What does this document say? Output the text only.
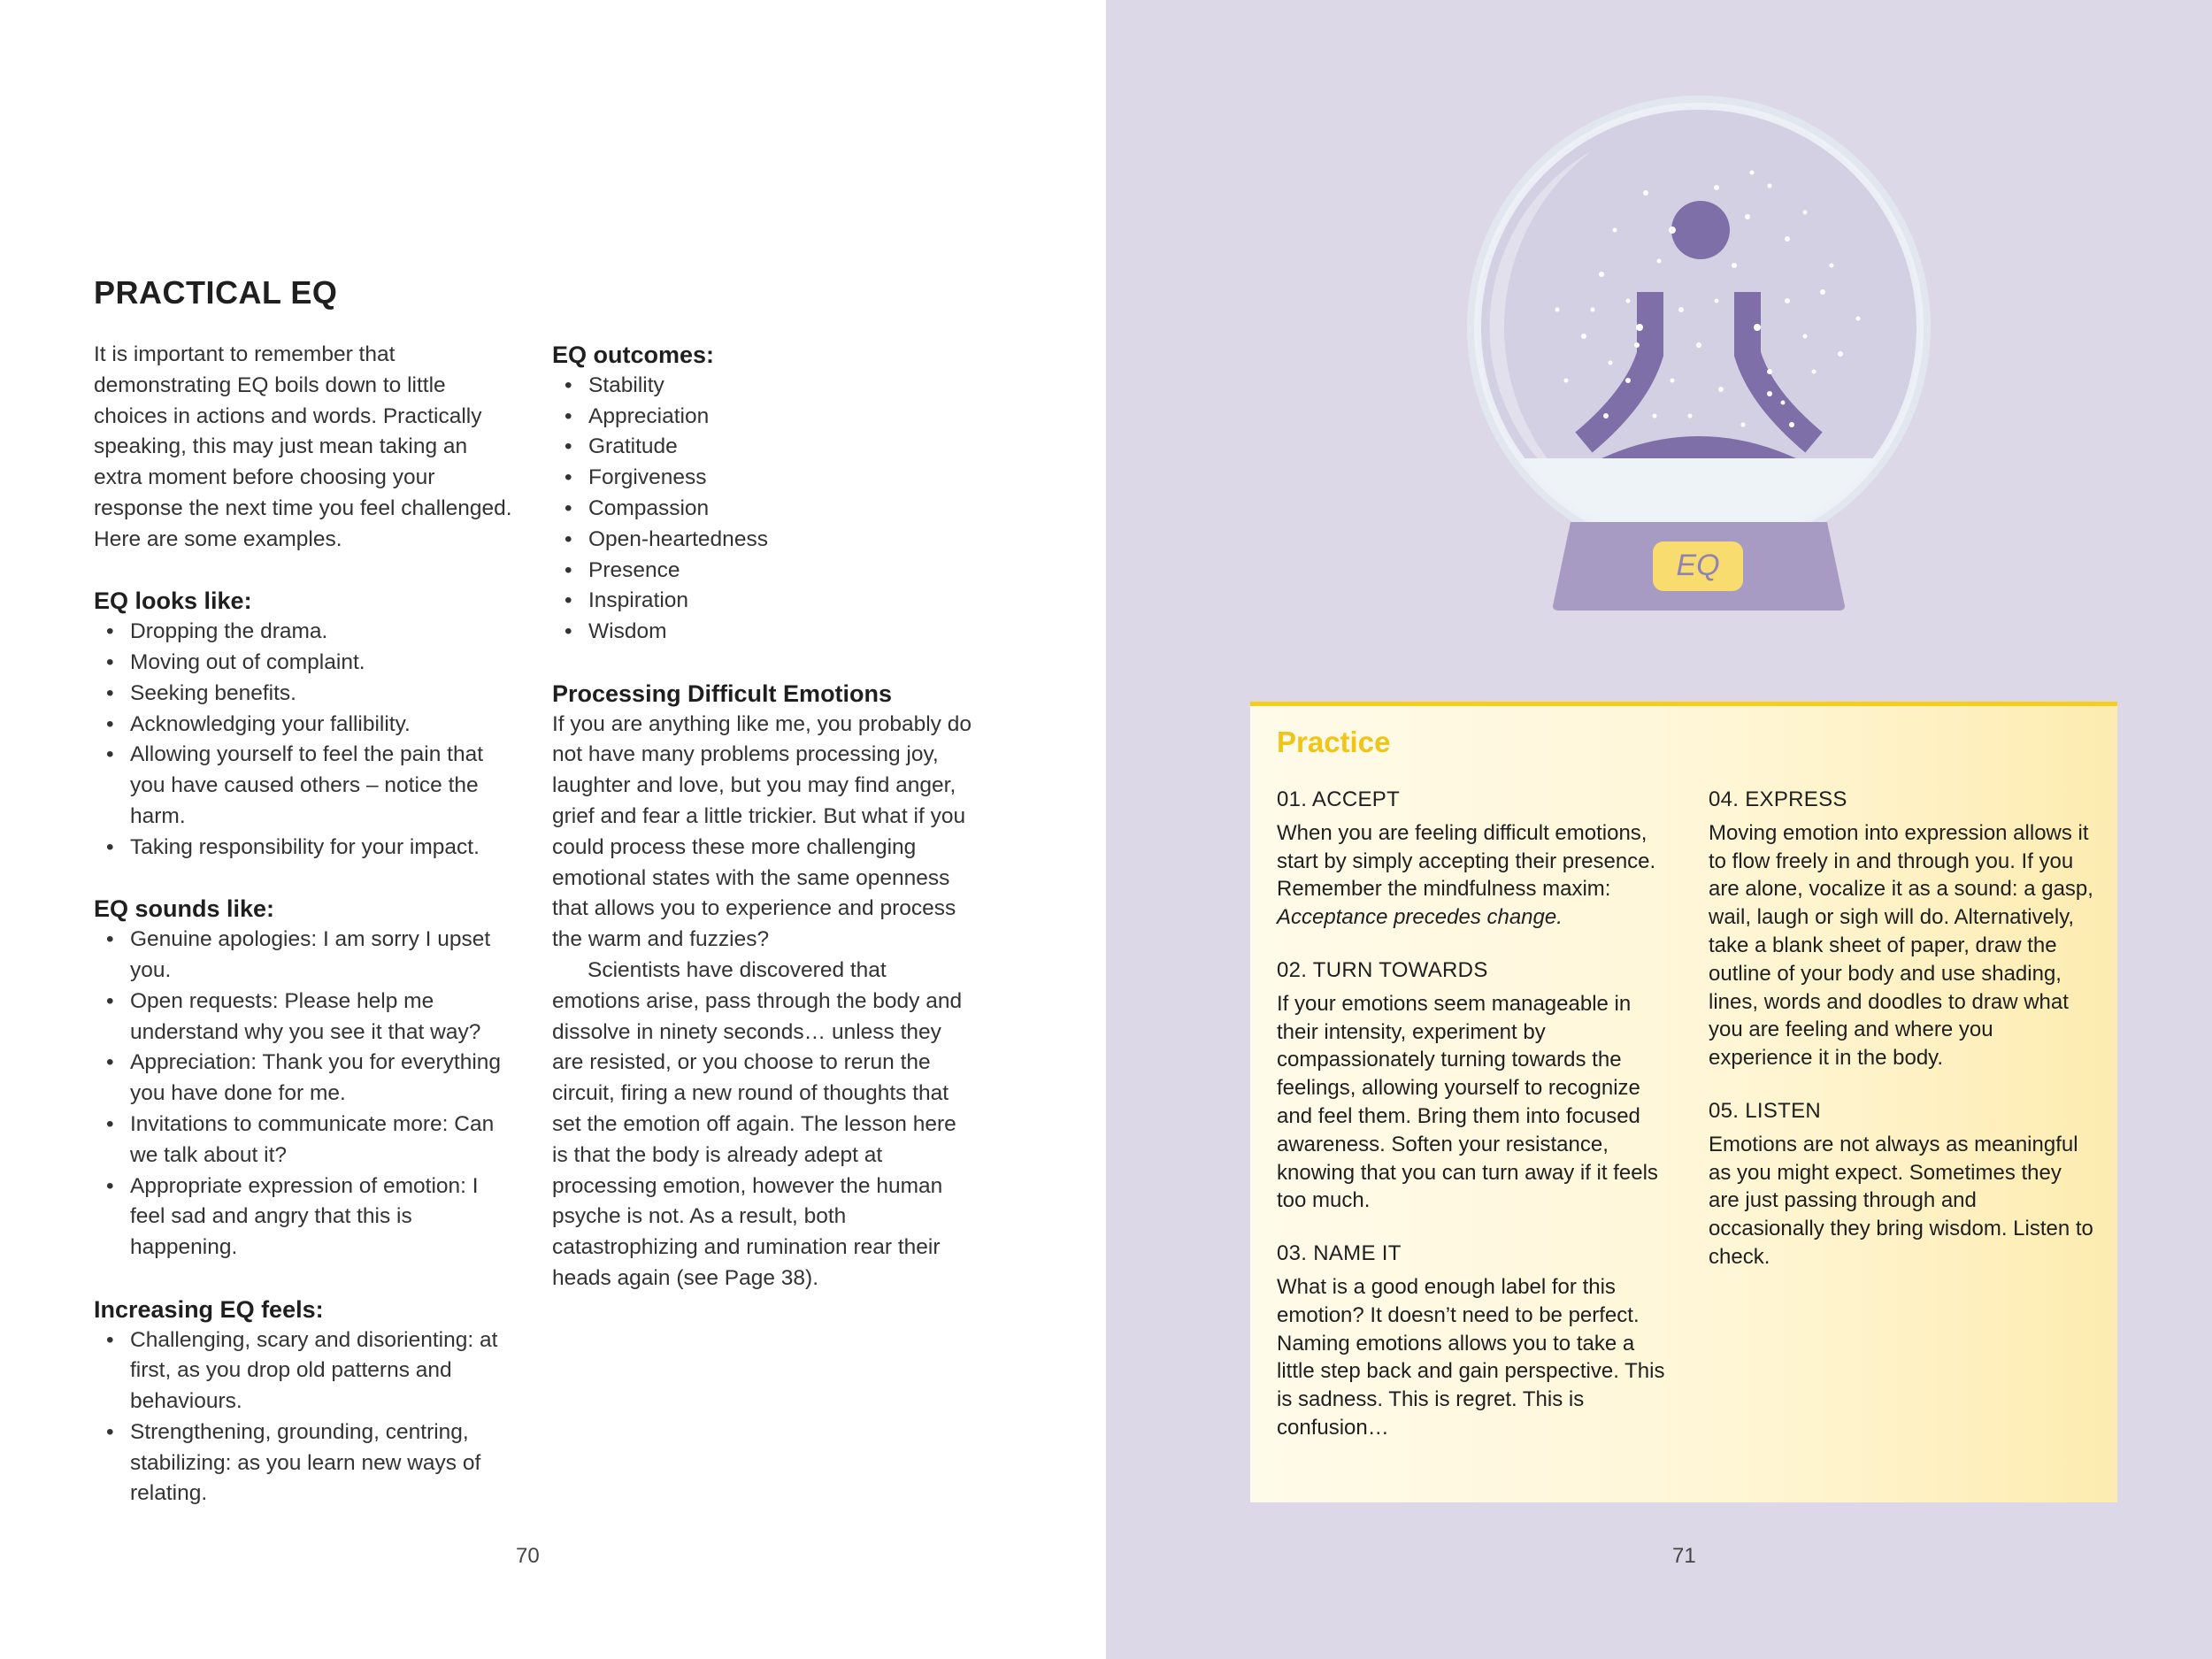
PRACTICAL EQ

It is important to remember that demonstrating EQ boils down to little choices in actions and words. Practically speaking, this may just mean taking an extra moment before choosing your response the next time you feel challenged. Here are some examples.

EQ looks like:

• Dropping the drama.
• Moving out of complaint.
• Seeking benefits.
• Acknowledging your fallibility.
• Allowing yourself to feel the pain that you have caused others – notice the harm.
• Taking responsibility for your impact.

EQ sounds like:

• Genuine apologies: I am sorry I upset you.
• Open requests: Please help me understand why you see it that way?
• Appreciation: Thank you for everything you have done for me.
• Invitations to communicate more: Can we talk about it?
• Appropriate expression of emotion: I feel sad and angry that this is happening.

Increasing EQ feels:

• Challenging, scary and disorienting: at first, as you drop old patterns and behaviours.
• Strengthening, grounding, centring, stabilizing: as you learn new ways of relating.

EQ outcomes:

• Stability
• Appreciation
• Gratitude
• Forgiveness
• Compassion
• Open-heartedness
• Presence
• Inspiration
• Wisdom

Processing Difficult Emotions

If you are anything like me, you probably do not have many problems processing joy, laughter and love, but you may find anger, grief and fear a little trickier. But what if you could process these more challenging emotional states with the same openness that allows you to experience and process the warm and fuzzies?

Scientists have discovered that emotions arise, pass through the body and dissolve in ninety seconds… unless they are resisted, or you choose to rerun the circuit, firing a new round of thoughts that set the emotion off again. The lesson here is that the body is already adept at processing emotion, however the human psyche is not. As a result, both catastrophizing and rumination rear their heads again (see Page 38).

70
EQ
Practice

01. ACCEPT

When you are feeling difficult emotions, start by simply accepting their presence.

Remember the mindfulness maxim:

Acceptance precedes change.

02. TURN TOWARDS

If your emotions seem manageable in their intensity, experiment by compassionately turning towards the feelings, allowing yourself to recognize and feel them. Bring them into focused awareness. Soften your resistance, knowing that you can turn away if it feels too much.

03. NAME IT

What is a good enough label for this emotion? It doesn’t need to be perfect. Naming emotions allows you to take a little step back and gain perspective. This is sadness. This is regret. This is confusion…

04. EXPRESS

Moving emotion into expression allows it to flow freely in and through you. If you are alone, vocalize it as a sound: a gasp, wail, laugh or sigh will do. Alternatively, take a blank sheet of paper, draw the outline of your body and use shading, lines, words and doodles to draw what you are feeling and where you experience it in the body.

05. LISTEN

Emotions are not always as meaningful as you might expect. Sometimes they are just passing through and occasionally they bring wisdom. Listen to check.

71
